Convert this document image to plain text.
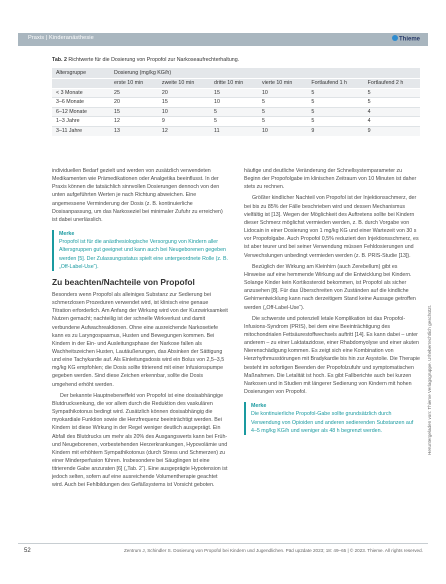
Praxis | Kinderanästhesie	Thieme
Tab. 2 Richtwerte für die Dosierung von Propofol zur Narkoseaufrechterhaltung.
Altersgruppe	Dosierung (mg/kg KG/h)					
	erste 10 min	zweite 10 min	dritte 10 min	vierte 10 min	Fortlaufend 1 h	Fortlaufend 2 h
< 3 Monate	25	20	15	10	5	5
3–6 Monate	20	15	10	5	5	5
6–12 Monate	15	10	5	5	5	4
1–3 Jahre	12	9	5	5	5	4
3–11 Jahre	13	12	11	10	9	9

individuellen Bedarf gezielt und werden von zusätzlich verwendeten Medikamenten wie Prämedikationen oder Analgetika beeinflusst. In der Praxis können die tatsächlich sinnvollen Dosierungen dennoch von den unten aufgeführten Werten je nach Richtung abweichen. Eine angemessene Verminderung der Dosis (z. B. kontinuierliche Dosisanpassung, um das Narkoseziel bei minimaler Zufuhr zu erreichen) ist dabei unerlässlich.

Merke

Propofol ist für die anästhesiologische Versorgung von Kindern aller Altersgruppen gut geeignet und kann auch bei Neugeborenen gegeben werden [5]. Der Zulassungsstatus spielt eine untergeordnete Rolle (z. B. „Off-Label-Use“).

Zu beachten/Nachteile von Propofol

Besonders wenn Propofol als alleiniges Substanz zur Sedierung bei schmerzlosen Prozeduren verwendet wird, ist klinisch eine genaue Titration erforderlich. Am Anfang der Wirkung wird von der Kurzwirksamkeit Nutzen gemacht; nachteilig ist der schnelle Wirkverlust und damit verbundene Aufwachreaktionen. Ohne eine ausreichende Narkosetiefe kann es zu Laryngospasmus, Husten und Bewegungen kommen. Bei Kindern in der Ein- und Ausleitungsphase der Narkose fallen als Wachheitszeichen Husten, Lautäußerungen, das Absinken der Sättigung und eine Tachykardie auf. Als Einleitungsdosis wird ein Bolus von 2,5–3,5 mg/kg KG empfohlen; die Dosis sollte titrierend mit einer Infusionspumpe gegeben werden. Sind diese Zeichen erkennbar, sollte die Dosis umgehend erhöht werden.

Der bekannte Hauptnebeneffekt von Propofol ist eine dosisabhängige Blutdrucksenkung, die vor allem durch die Reduktion des vaskulären Sympathikotonus bedingt wird. Zusätzlich können dosisabhängig die myokardiale Funktion sowie die Herzfrequenz beeinträchtigt werden. Bei Kindern ist diese Wirkung in der Regel weniger deutlich ausgeprägt. Ein Abfall des Blutdrucks um mehr als 20% des Ausgangswerts kann bei Früh- und Neugeborenen, vorbestehenden Herzerkrankungen, Hypovolämie und Kindern mit erhöhtem Sympathikotonus (durch Stress und Schmerzen) zu einer Minderperfusion führen. Insbesondere bei Säuglingen ist eine titrierende Gabe anzuraten [6] („Tab. 2“). Eine ausgeprägte Hypotension ist jedoch selten, sofern auf eine ausreichende Volumentherapie geachtet wird. Auch bei Fehlbildungen des Gefäßsystems ist Vorsicht geboten.

häufige und deutliche Veränderung der Schnellsystemparameter zu Beginn der Propofolgabe im klinischen Zeitraum von 10 Minuten ist daher stets zu rechnen.

Größter kindlicher Nachteil von Propofol ist der Injektionsschmerz, der bei bis zu 85% der Fälle beschrieben wird und dessen Mechanismus vielfältig ist [13]. Wegen der Möglichkeit des Auftretens sollte bei Kindern dieser Schmerz möglichst vermieden werden, z. B. durch Vorgabe von Lidocain in einer Dosierung von 1 mg/kg KG und einer Wartezeit von 30 s vor Propofolgabe. Auch Propofol 0,5% reduziert den Injektionsschmerz, es ist aber teurer und bei seiner Verwendung müssen Fehldosierungen und Verwechslungen unbedingt vermieden werden (z. B. PRIS-Studie [13]).

Bezüglich der Wirkung am Kleinhirn (auch Zerebellum) gibt es Hinweise auf eine hemmende Wirkung auf die Entwicklung bei Kindern. Solange Kinder kein Kortikosteroid bekommen, ist Propofol als sicher anzusehen [8]. Für das Überschreiten von Zuständen auf die kindliche Gehirnentwicklung kann nach derzeitigem Stand keine Aussage getroffen werden („Off-Label-Use“).

Die schwerste und potenziell letale Komplikation ist das Propofol-Infusions-Syndrom (PRIS), bei dem eine Beeinträchtigung des mitochondrialen Fettsäurestoffwechsels auftritt [14]. Es kann dabei – unter anderem – zu einer Laktatazidose, einer Rhabdomyolyse und einer akuten Nierenschädigung kommen. Es zeigt sich eine Kombination von Herzrhythmusstörungen mit Bradykardie bis hin zur Asystolie. Die Therapie besteht im sofortigen Beenden der Propofolzufuhr und symptomatischen Maßnahmen. Die Letalität ist hoch. Es gibt Fallberichte auch bei kurzen Narkosen und in Studien mit längerer Sedierung von Kindern mit hohen Dosierungen von Propofol.

Merke

Die kontinuierliche Propofol-Gabe sollte grundsätzlich durch Verwendung von Opioiden und anderen sedierenden Substanzen auf 4–5 mg/kg KG/h und weniger als 48 h begrenzt werden.	Heruntergeladen von: Thieme Verlagsgruppe. Urheberrechtlich geschützt.
52	Zentrum J, Schindler S. Dosierung von Propofol bei Kindern und Jugendlichen. Päd up2date 2023; 18: 49–65 | © 2023. Thieme. All rights reserved.
